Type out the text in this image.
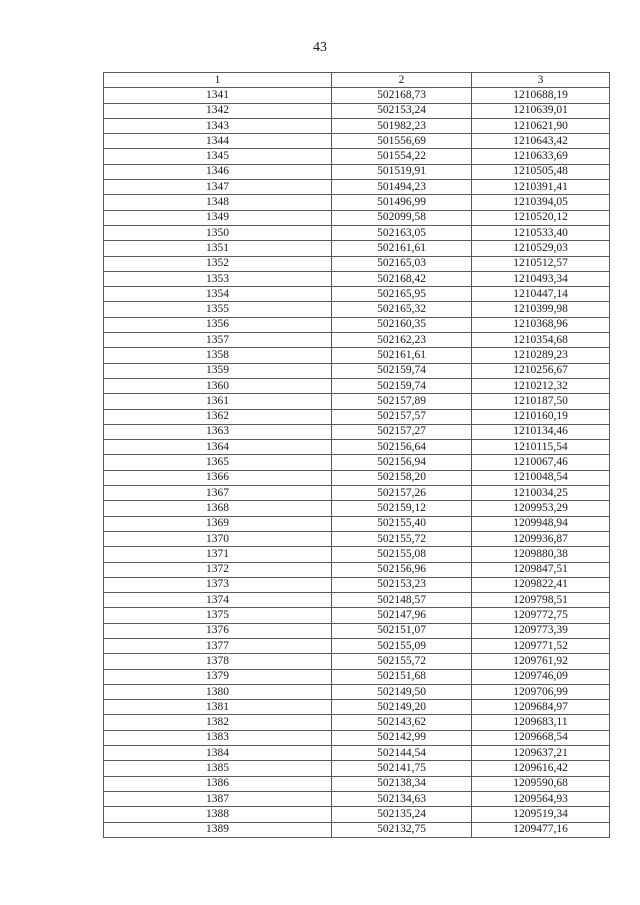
43
1	2	3
1341	502168,73	1210688,19
1342	502153,24	1210639,01
1343	501982,23	1210621,90
1344	501556,69	1210643,42
1345	501554,22	1210633,69
1346	501519,91	1210505,48
1347	501494,23	1210391,41
1348	501496,99	1210394,05
1349	502099,58	1210520,12
1350	502163,05	1210533,40
1351	502161,61	1210529,03
1352	502165,03	1210512,57
1353	502168,42	1210493,34
1354	502165,95	1210447,14
1355	502165,32	1210399,98
1356	502160,35	1210368,96
1357	502162,23	1210354,68
1358	502161,61	1210289,23
1359	502159,74	1210256,67
1360	502159,74	1210212,32
1361	502157,89	1210187,50
1362	502157,57	1210160,19
1363	502157,27	1210134,46
1364	502156,64	1210115,54
1365	502156,94	1210067,46
1366	502158,20	1210048,54
1367	502157,26	1210034,25
1368	502159,12	1209953,29
1369	502155,40	1209948,94
1370	502155,72	1209936,87
1371	502155,08	1209880,38
1372	502156,96	1209847,51
1373	502153,23	1209822,41
1374	502148,57	1209798,51
1375	502147,96	1209772,75
1376	502151,07	1209773,39
1377	502155,09	1209771,52
1378	502155,72	1209761,92
1379	502151,68	1209746,09
1380	502149,50	1209706,99
1381	502149,20	1209684,97
1382	502143,62	1209683,11
1383	502142,99	1209668,54
1384	502144,54	1209637,21
1385	502141,75	1209616,42
1386	502138,34	1209590,68
1387	502134,63	1209564,93
1388	502135,24	1209519,34
1389	502132,75	1209477,16
